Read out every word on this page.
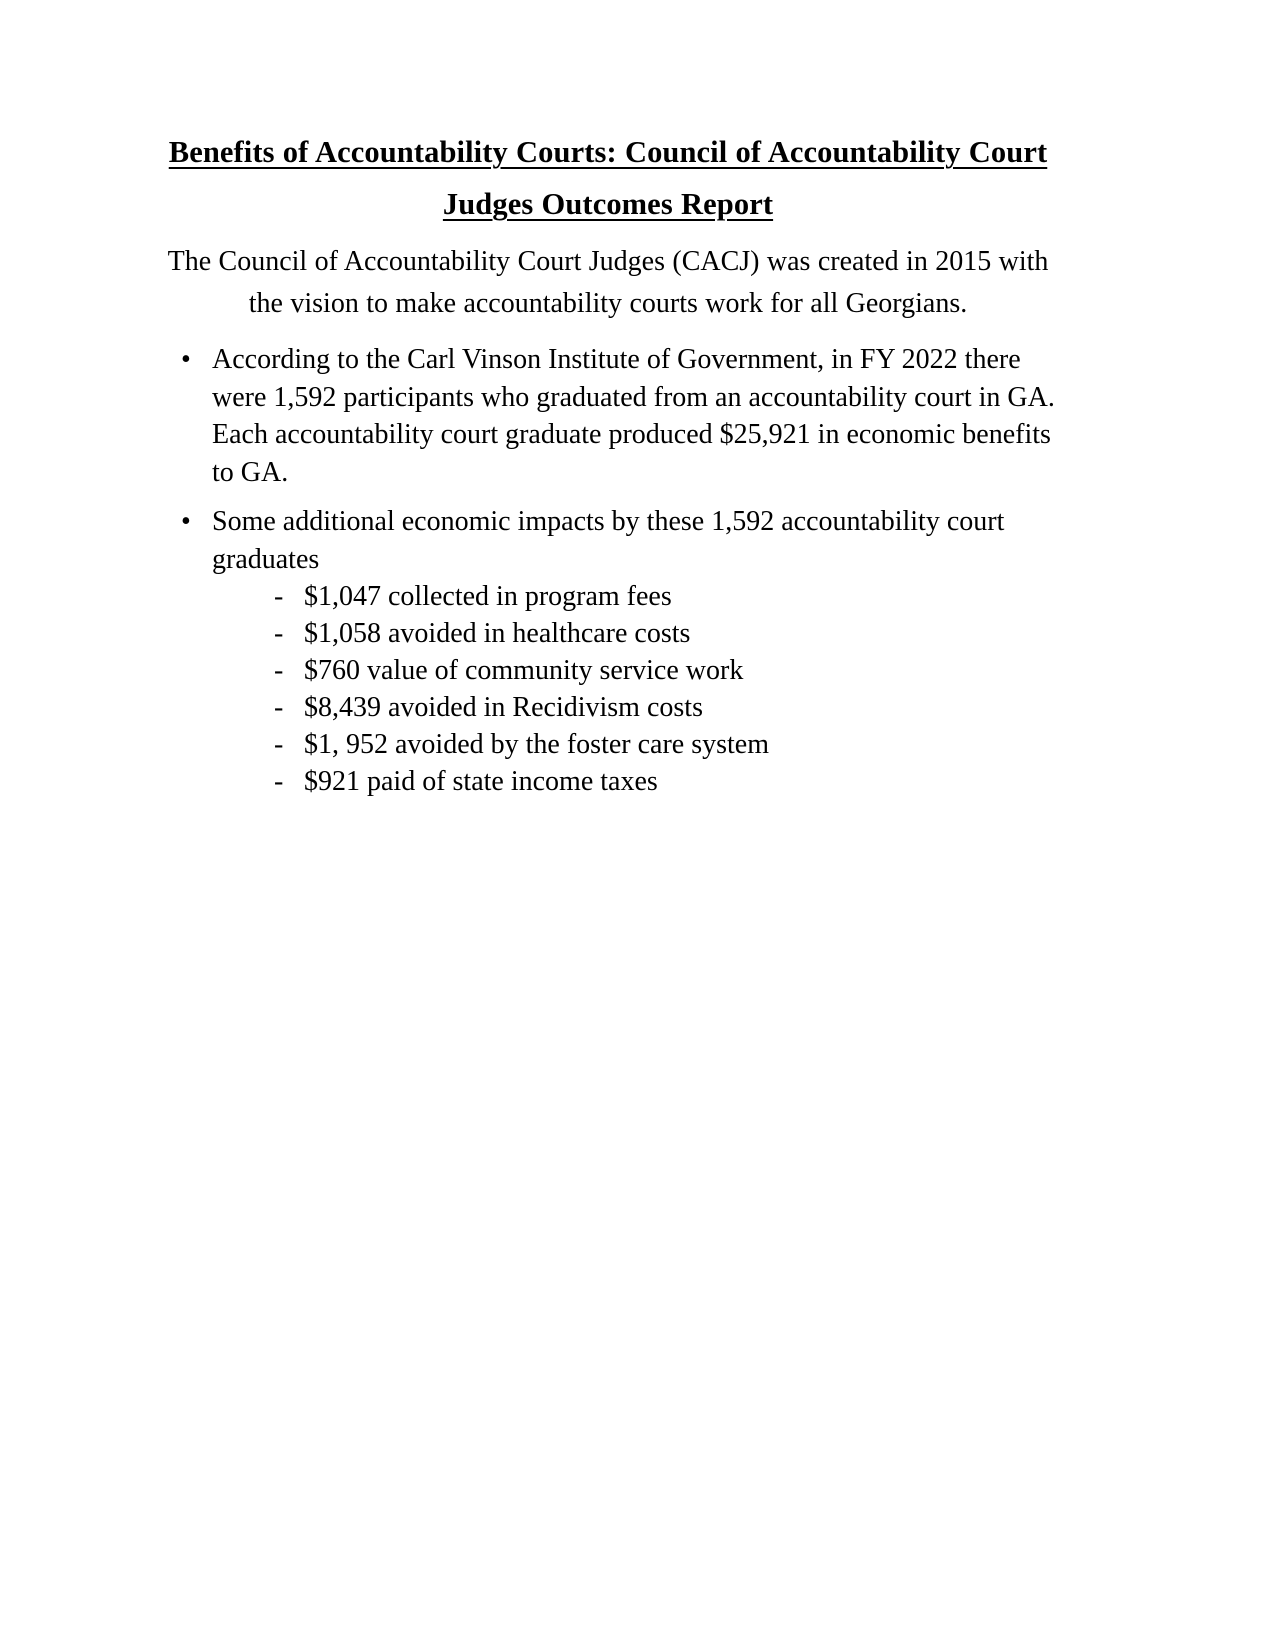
Benefits of Accountability Courts: Council of Accountability Court
Judges Outcomes Report

The Council of Accountability Court Judges (CACJ) was created in 2015 with the vision to make accountability courts work for all Georgians.

• According to the Carl Vinson Institute of Government, in FY 2022 there were 1,592 participants who graduated from an accountability court in GA. Each accountability court graduate produced $25,921 in economic benefits to GA.
• Some additional economic impacts by these 1,592 accountability court graduates
- $1,047 collected in program fees
- $1,058 avoided in healthcare costs
- $760 value of community service work
- $8,439 avoided in Recidivism costs
- $1, 952 avoided by the foster care system
- $921 paid of state income taxes
